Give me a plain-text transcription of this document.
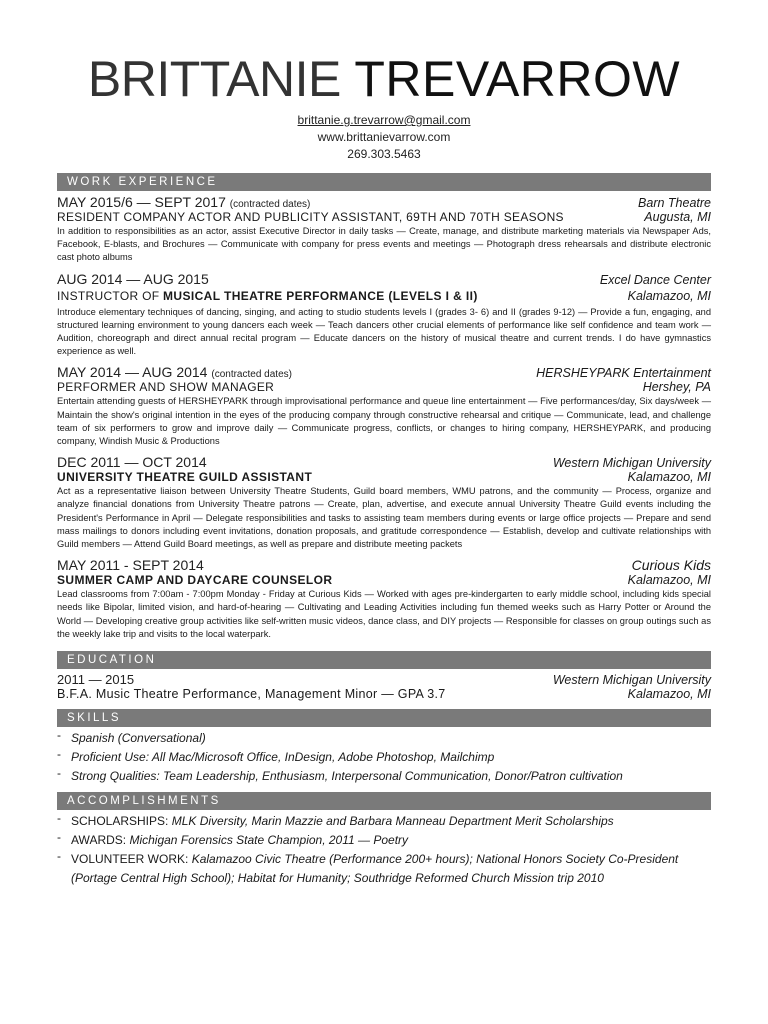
BRITTANIE TREVARROW
brittanie.g.trevarrow@gmail.com
www.brittanievarrow.com
269.303.5463
WORK EXPERIENCE
MAY 2015/6 — SEPT 2017 (contracted dates)	Barn Theatre
RESIDENT COMPANY ACTOR AND PUBLICITY ASSISTANT, 69TH AND 70TH SEASONS	Augusta, MI
In addition to responsibilities as an actor, assist Executive Director in daily tasks — Create, manage, and distribute marketing materials via Newspaper Ads, Facebook, E-blasts, and Brochures — Communicate with company for press events and meetings — Photograph dress rehearsals and distribute electronic cast photo albums
AUG 2014 — AUG 2015	Excel Dance Center
INSTRUCTOR OF MUSICAL THEATRE PERFORMANCE (LEVELS I & II)	Kalamazoo, MI
Introduce elementary techniques of dancing, singing, and acting to studio students levels I (grades 3- 6) and II (grades 9-12) — Provide a fun, engaging, and structured learning environment to young dancers each week — Teach dancers other crucial elements of performance like self confidence and team work — Audition, choreograph and direct annual recital program — Educate dancers on the history of musical theatre and current trends. I do have gymnastics experience as well.
MAY 2014 — AUG 2014 (contracted dates)	HERSHEYPARK Entertainment
PERFORMER AND SHOW MANAGER	Hershey, PA
Entertain attending guests of HERSHEYPARK through improvisational performance and queue line entertainment — Five performances/day, Six days/week — Maintain the show's original intention in the eyes of the producing company through constructive rehearsal and critique — Communicate, lead, and challenge team of six performers to grow and improve daily — Communicate progress, conflicts, or changes to hiring company, HERSHEYPARK, and producing company, Windish Music & Productions
DEC 2011 — OCT 2014	Western Michigan University
UNIVERSITY THEATRE GUILD ASSISTANT	Kalamazoo, MI
Act as a representative liaison between University Theatre Students, Guild board members, WMU patrons, and the community — Process, organize and analyze financial donations from University Theatre patrons — Create, plan, advertise, and execute annual University Theatre Guild events including the President's Performance in April — Delegate responsibilities and tasks to assisting team members during events or large office projects — Prepare and send mass mailings to donors including event invitations, donation proposals, and gratitude correspondence — Establish, develop and cultivate relationships with Guild members — Attend Guild Board meetings, as well as prepare and distribute meeting packets
MAY 2011 - SEPT 2014	Curious Kids
SUMMER CAMP AND DAYCARE COUNSELOR	Kalamazoo, MI
Lead classrooms from 7:00am - 7:00pm Monday - Friday at Curious Kids — Worked with ages pre-kindergarten to early middle school, including kids special needs like Bipolar, limited vision, and hard-of-hearing — Cultivating and Leading Activities including fun themed weeks such as Harry Potter or Around the World — Developing creative group activities like self-written music videos, dance class, and DIY projects — Responsible for classes on group outings such as the weekly lake trip and visits to the local waterpark.
EDUCATION
2011 — 2015	Western Michigan University
B.F.A. Music Theatre Performance, Management Minor — GPA 3.7	Kalamazoo, MI
SKILLS
- Spanish (Conversational)
- Proficient Use: All Mac/Microsoft Office, InDesign, Adobe Photoshop, Mailchimp
- Strong Qualities: Team Leadership, Enthusiasm, Interpersonal Communication, Donor/Patron cultivation
ACCOMPLISHMENTS
- SCHOLARSHIPS: MLK Diversity, Marin Mazzie and Barbara Manneau Department Merit Scholarships
- AWARDS: Michigan Forensics State Champion, 2011 — Poetry
- VOLUNTEER WORK: Kalamazoo Civic Theatre (Performance 200+ hours); National Honors Society Co-President (Portage Central High School); Habitat for Humanity; Southridge Reformed Church Mission trip 2010
